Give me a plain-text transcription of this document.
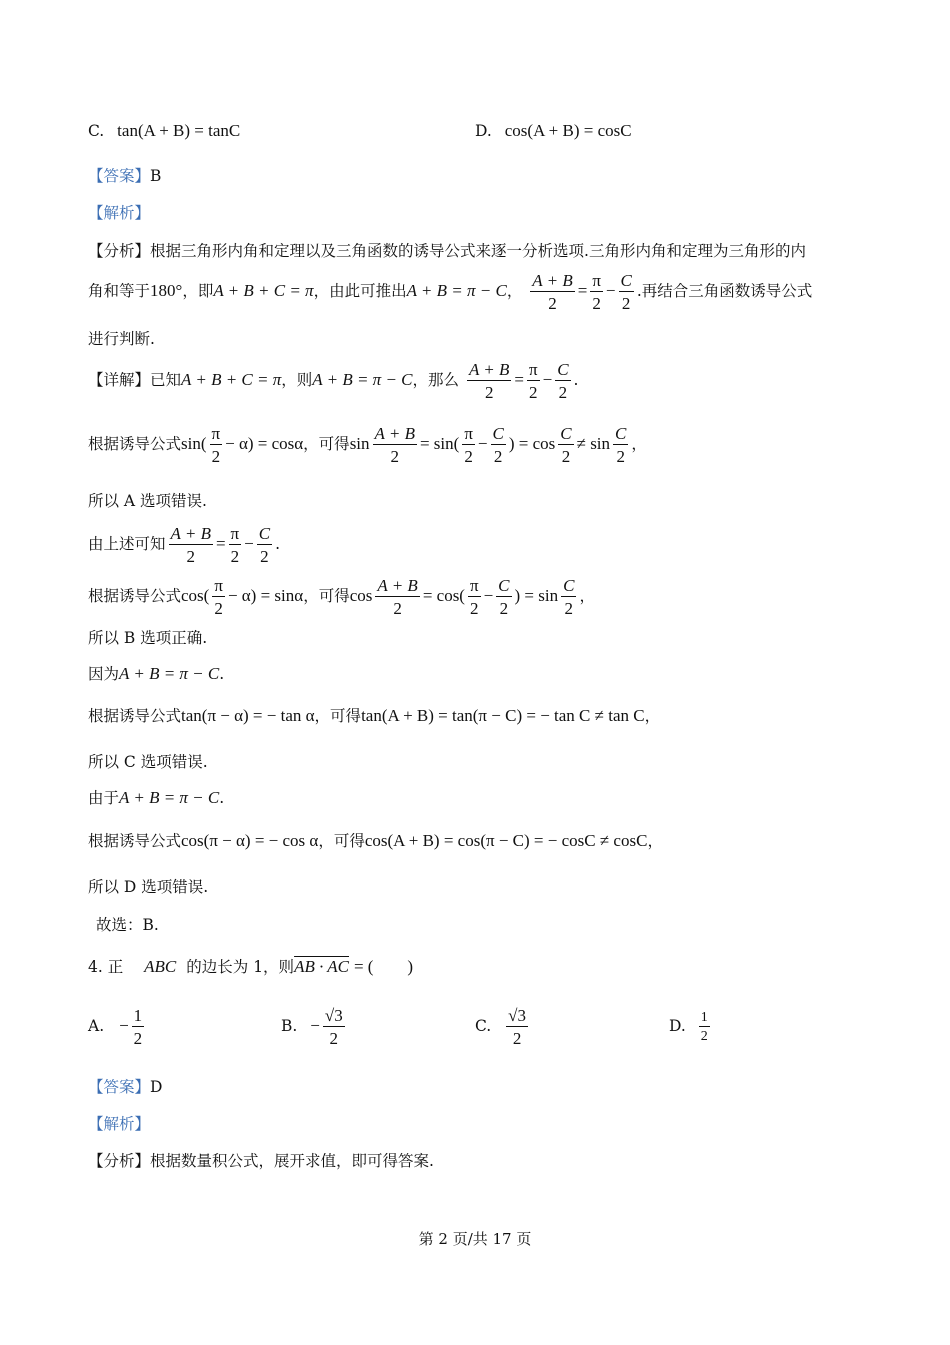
C. tan(A + B) = tanC	D. cos(A + B) = cosC
【答案】B
【解析】
【分析】根据三角形内角和定理以及三角函数的诱导公式来逐一分析选项.三角形内角和定理为三角形的内
角和等于180°，即A + B + C = π，由此可推出A + B = π − C， $\frac{A + B}{2} = \frac{\pi}{2} - \frac{C}{2}$ .再结合三角函数诱导公式
进行判断.
【详解】已知A + B + C = π，则A + B = π − C，那么 $\frac{A + B}{2} = \frac{\pi}{2} - \frac{C}{2}$ .
根据诱导公式$\sin( \frac{\pi}{2} - \alpha) = \cos\alpha$，可得$\sin \frac{A + B}{2} = \sin( \frac{\pi}{2} - \frac{C}{2}$ ) = $\cos \frac{C}{2} \ne \sin \frac{C}{2}$ ，
所以 A 选项错误.
由上述可知 $\frac{A + B}{2} = \frac{\pi}{2} - \frac{C}{2}$ .
根据诱导公式$\cos( \frac{\pi}{2} - \alpha) = \sin\alpha$，可得$\cos \frac{A + B}{2} = \cos( \frac{\pi}{2} - \frac{C}{2}$ ) = $\sin \frac{C}{2}$ ，
所以 B 选项正确.
因为A + B = π − C.
根据诱导公式tan(π − α) = − tan α，可得tan(A + B) = tan(π − C) = − tan C ≠ tan C，
所以 C 选项错误.
由于A + B = π − C.
根据诱导公式cos(π − α) = − cos α，可得cos(A + B) = cos(π − C) = − cosC ≠ cosC，
所以 D 选项错误.
故选：B.
4. 正 ABC 的边长为 1，则AB · AC = (　　)
A. − $\frac{1}{2}$	B. − $\frac{√3}{2}$	C. $\frac{√3}{2}$	D. $\frac{1}{2}$
【答案】D
【解析】
【分析】根据数量积公式，展开求值，即可得答案.
第 2 页/共 17 页
